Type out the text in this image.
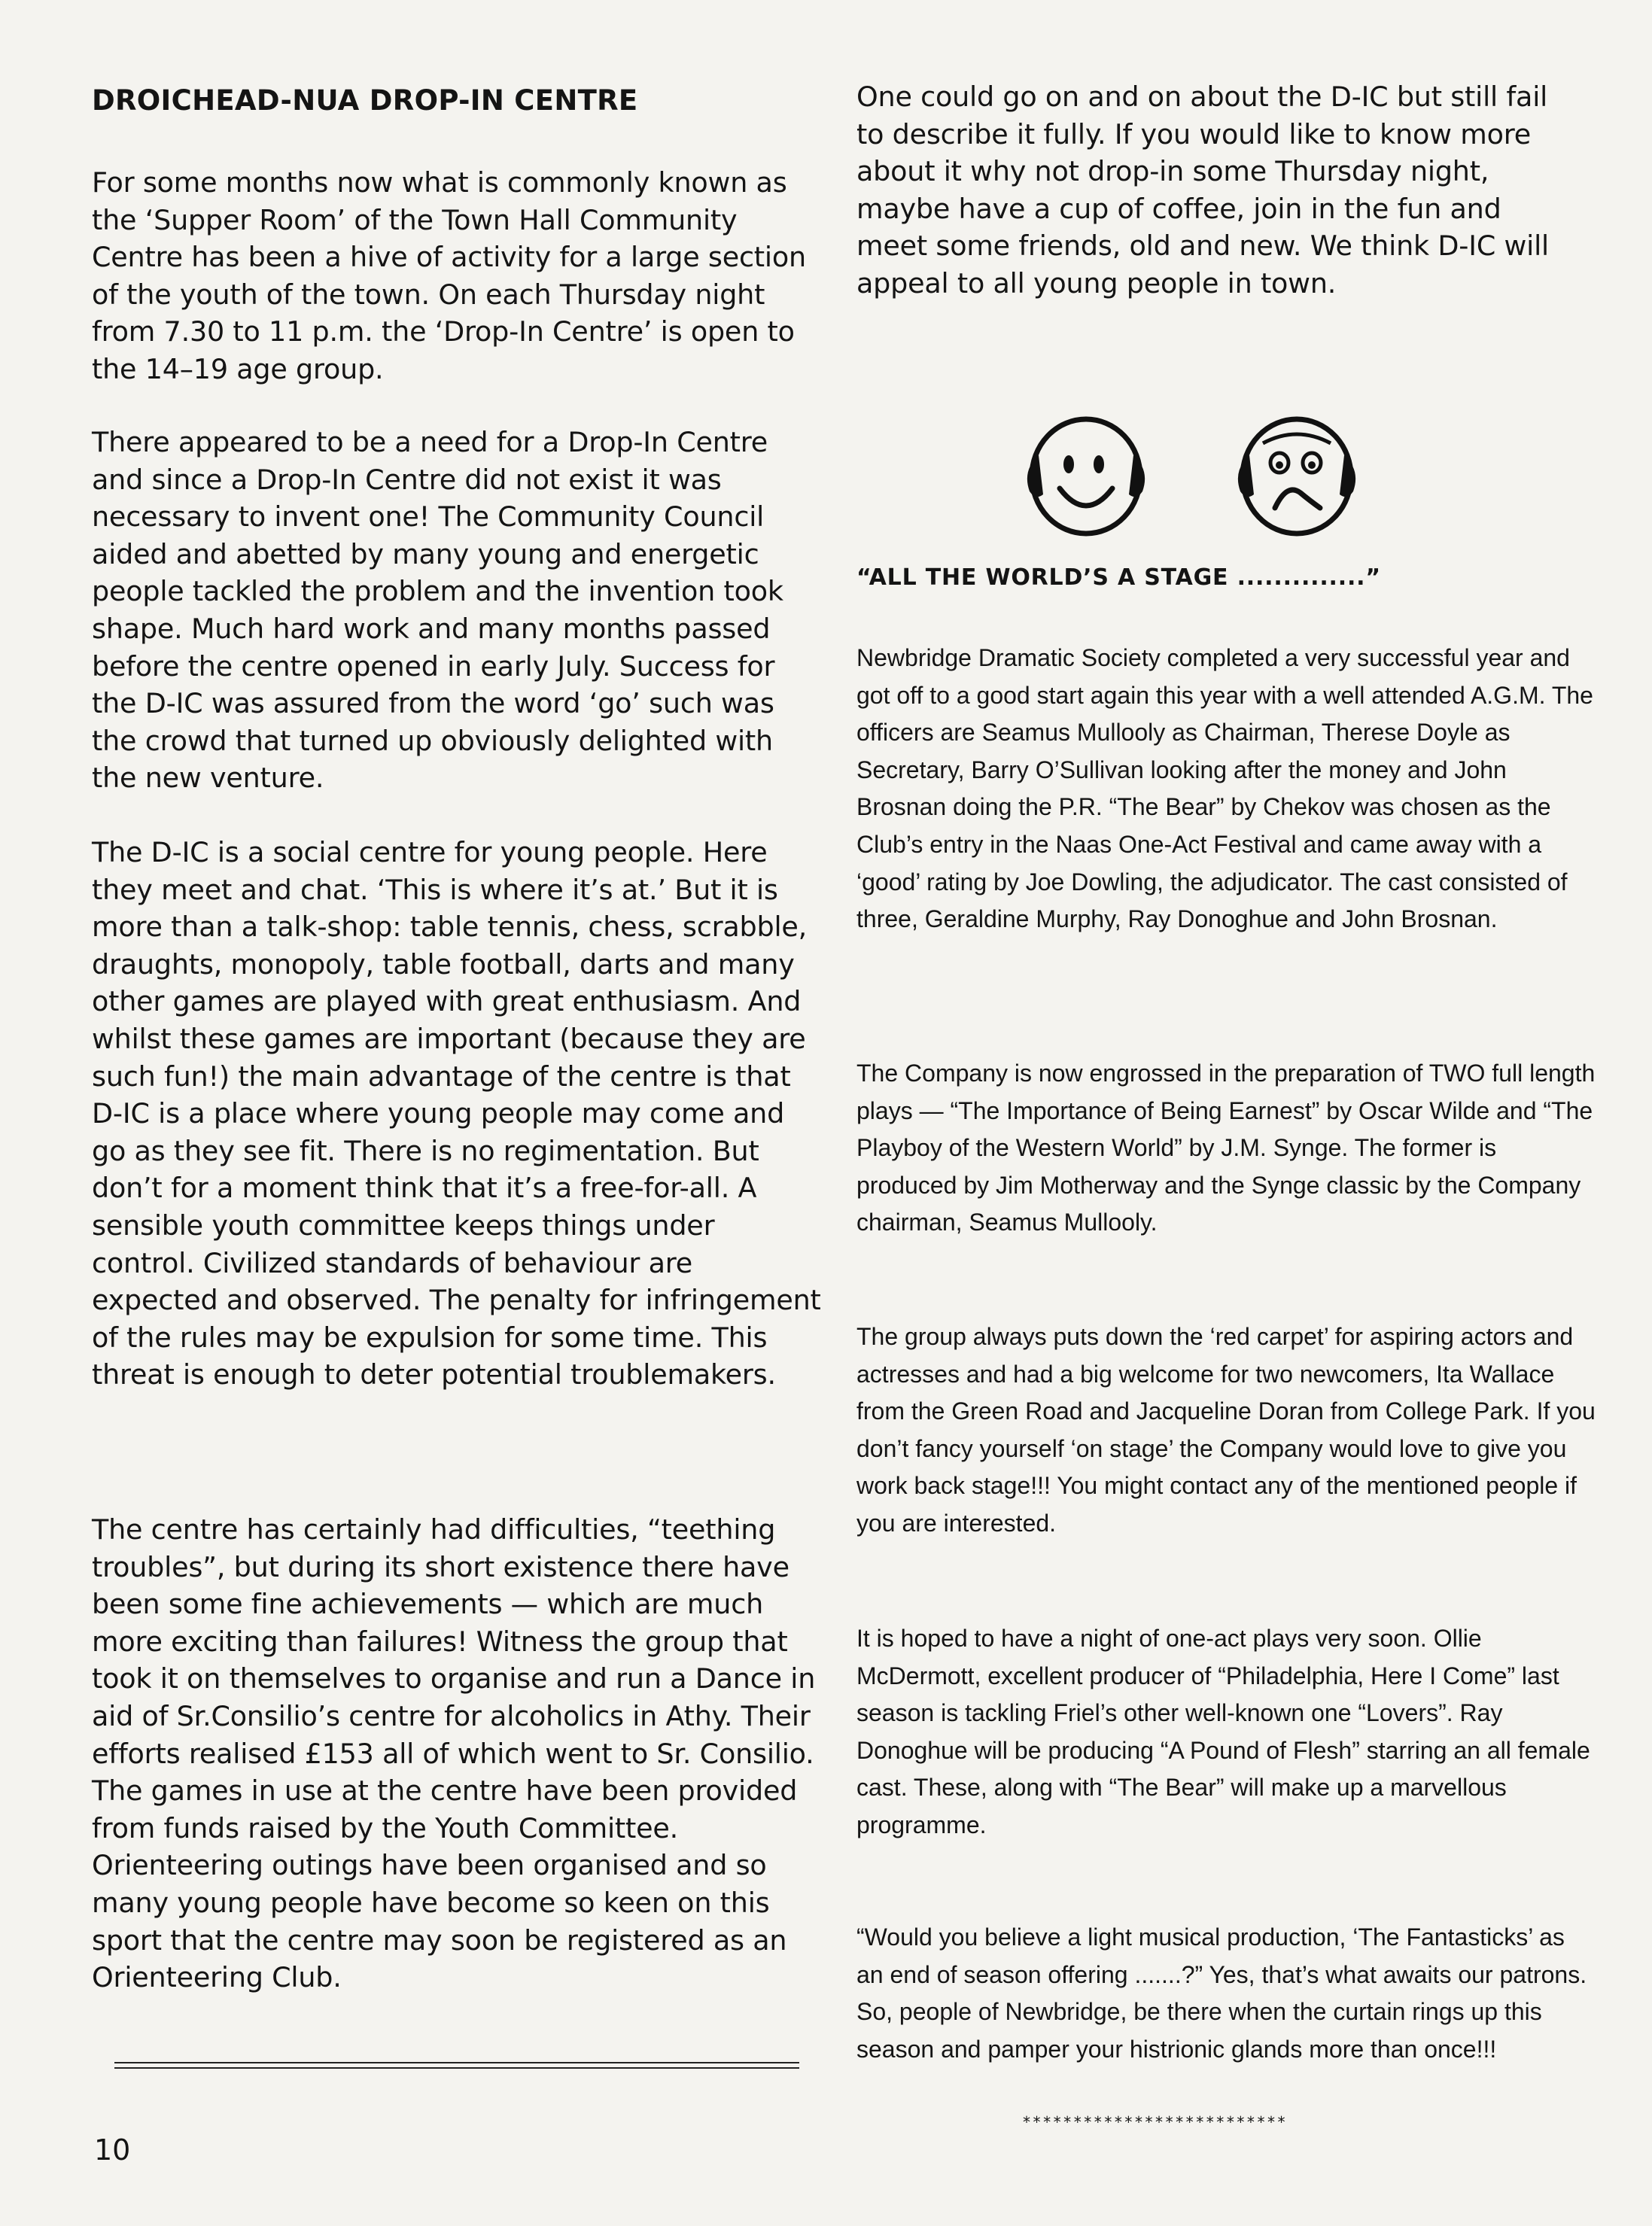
DROICHEAD-NUA DROP-IN CENTRE

For some months now what is commonly known as the ‘Supper Room’ of the Town Hall Community Centre has been a hive of activity for a large section of the youth of the town. On each Thursday night from 7.30 to 11 p.m. the ‘Drop-In Centre’ is open to the 14–19 age group.

There appeared to be a need for a Drop-In Centre and since a Drop-In Centre did not exist it was necessary to invent one! The Community Council aided and abetted by many young and energetic people tackled the problem and the invention took shape. Much hard work and many months passed before the centre opened in early July. Success for the D-IC was assured from the word ‘go’ such was the crowd that turned up obviously delighted with the new venture.

The D-IC is a social centre for young people. Here they meet and chat. ‘This is where it’s at.’ But it is more than a talk-shop: table tennis, chess, scrabble, draughts, monopoly, table football, darts and many other games are played with great enthusiasm. And whilst these games are important (because they are such fun!) the main advantage of the centre is that D-IC is a place where young people may come and go as they see fit. There is no regimentation. But don’t for a moment think that it’s a free-for-all. A sensible youth committee keeps things under control. Civilized standards of behaviour are expected and observed. The penalty for infringement of the rules may be expulsion for some time. This threat is enough to deter potential troublemakers.

The centre has certainly had difficulties, “teething troubles”, but during its short existence there have been some fine achievements — which are much more exciting than failures! Witness the group that took it on themselves to organise and run a Dance in aid of Sr.Consilio’s centre for alcoholics in Athy. Their efforts realised £153 all of which went to Sr. Consilio. The games in use at the centre have been provided from funds raised by the Youth Committee. Orienteering outings have been organised and so many young people have become so keen on this sport that the centre may soon be registered as an Orienteering Club.

One could go on and on about the D-IC but still fail to describe it fully. If you would like to know more about it why not drop-in some Thursday night, maybe have a cup of coffee, join in the fun and meet some friends, old and new. We think D-IC will appeal to all young people in town.

“ALL THE WORLD’S A STAGE ..............”

Newbridge Dramatic Society completed a very successful year and got off to a good start again this year with a well attended A.G.M. The officers are Seamus Mullooly as Chairman, Therese Doyle as Secretary, Barry O’Sullivan looking after the money and John Brosnan doing the P.R. “The Bear” by Chekov was chosen as the Club’s entry in the Naas One-Act Festival and came away with a ‘good’ rating by Joe Dowling, the adjudicator. The cast consisted of three, Geraldine Murphy, Ray Donoghue and John Brosnan.

The Company is now engrossed in the preparation of TWO full length plays — “The Importance of Being Earnest” by Oscar Wilde and “The Playboy of the Western World” by J.M. Synge. The former is produced by Jim Motherway and the Synge classic by the Company chairman, Seamus Mullooly.

The group always puts down the ‘red carpet’ for aspiring actors and actresses and had a big welcome for two newcomers, Ita Wallace from the Green Road and Jacqueline Doran from College Park. If you don’t fancy yourself ‘on stage’ the Company would love to give you work back stage!!! You might contact any of the mentioned people if you are interested.

It is hoped to have a night of one-act plays very soon. Ollie McDermott, excellent producer of “Philadelphia, Here I Come” last season is tackling Friel’s other well-known one “Lovers”. Ray Donoghue will be producing “A Pound of Flesh” starring an all female cast. These, along with “The Bear” will make up a marvellous programme.

“Would you believe a light musical production, ‘The Fantasticks’ as an end of season offering .......?” Yes, that’s what awaits our patrons. So, people of Newbridge, be there when the curtain rings up this season and pamper your histrionic glands more than once!!!

**************************
10
